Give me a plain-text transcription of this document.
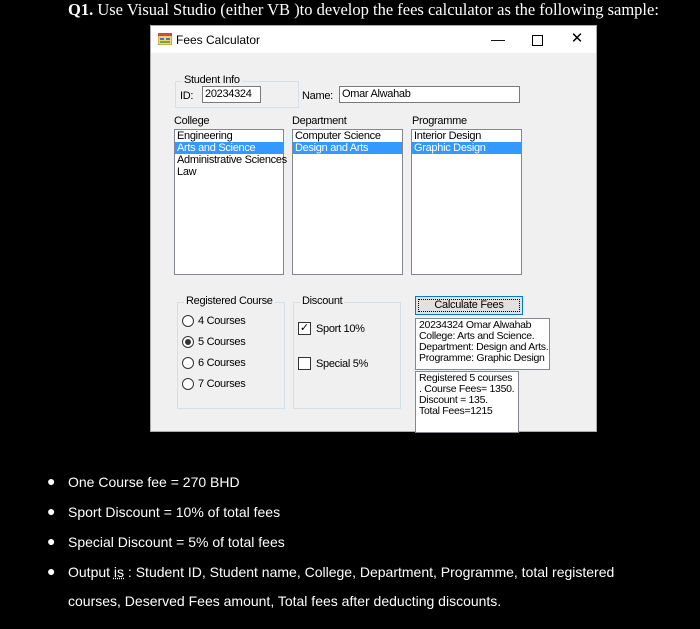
Q1. Use Visual Studio (either VB )to develop the fees calculator as the following sample:
Fees Calculator	—	✕
Student Info
ID: 20234324	Name: Omar Alwahab
College
Engineering
Arts and Science
Administrative Sciences
Law
Department
Computer Science
Design and Arts
Programme
Interior Design
Graphic Design
Registered Course	Discount
✓ Sport 10%
Special 5%
Calculate Fees
20234324 Omar Alwahab
College: Arts and Science.
Department: Design and Arts.
Programme: Graphic Design
Registered 5 courses
. Course Fees= 1350.
Discount = 135.
Total Fees=1215
4 Courses
5 Courses
6 Courses
7 Courses
● One Course fee = 270 BHD
● Sport Discount = 10% of total fees
● Special Discount = 5% of total fees
● Output is : Student ID, Student name, College, Department, Programme, total registered
courses, Deserved Fees amount, Total fees after deducting discounts.
